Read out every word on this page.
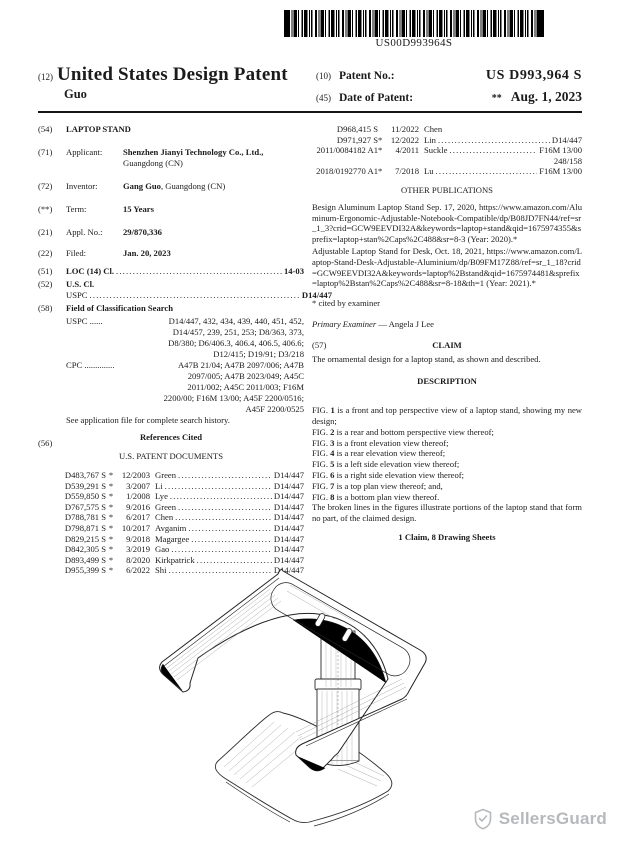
US00D993964S
(12) United States Design Patent
Guo
(10) Patent No.:	US D993,964 S
(45) Date of Patent:	** Aug. 1, 2023
(54)	LAPTOP STAND
(71)	Applicant:	Shenzhen Jianyi Technology Co., Ltd.,
Guangdong (CN)
(72)	Inventor:	Gang Guo, Guangdong (CN)
(**)	Term:	15 Years
(21)	Appl. No.:	29/870,336
(22)	Filed:	Jan. 20, 2023
(51)	LOC (14) Cl. .....	14-03
(52)	U.S. Cl.
USPC .....	D14/447
(58)	Field of Classification Search
USPC ......	D14/447, 432, 434, 439, 440, 451, 452,
D14/457, 239, 251, 253; D8/363, 373,
D8/380; D6/406.3, 406.4, 406.5, 406.6;
D12/415; D19/91; D3/218
CPC ..............	A47B 21/04; A47B 2097/006; A47B
2097/005; A47B 2023/049; A45C
2011/002; A45C 2011/003; F16M
2200/00; F16M 13/00; A45F 2200/0516;
A45F 2200/0525
See application file for complete search history.
(56)
References Cited
U.S. PATENT DOCUMENTS
D483,767 S *	12/2003 Green .....	D14/447
D539,291 S *	3/2007 Li .....	D14/447
D559,850 S *	1/2008 Lye .....	D14/447
D767,575 S *	9/2016 Green .....	D14/447
D788,781 S *	6/2017 Chen .....	D14/447
D798,871 S *	10/2017 Avganim .....	D14/447
D829,215 S *	9/2018 Magargee .....	D14/447
D842,305 S *	3/2019 Gao .....	D14/447
D893,499 S *	8/2020 Kirkpatrick .....	D14/447
D955,399 S *	6/2022 Shi .....	D14/447
D968,415 S	11/2022 Chen
D971,927 S * 12/2022 Lin .....	D14/447
2011/0084182 A1 *	4/2011 Suckle .....	F16M 13/00
248/158
2018/0192770 A1 *	7/2018 Lu .....	F16M 13/00
OTHER PUBLICATIONS
Besign Aluminum Laptop Stand Sep. 17, 2020, https://www.amazon.com/Aluminum-Ergonomic-Adjustable-Notebook-Compatible/dp/B08JD7FN44/ref=sr_1_3?crid=GCW9EEVDI32A&keywords=laptop+stand&qid=1675974355&sprefix=laptop+stan%2Caps%2C488&sr=8-3 (Year: 2020).*
Adjustable Laptop Stand for Desk, Oct. 18, 2021, https://www.amazon.com/Laptop-Stand-Desk-Adjustable-Aluminium/dp/B09FM17Z88/ref=sr_1_18?crid=GCW9EEVDI32A&keywords=laptop%2Bstand&qid=1675974481&sprefix=laptop%2Bstan%2Caps%2C488&sr=8-18&th=1 (Year: 2021).*
* cited by examiner
Primary Examiner — Angela J Lee
(57)	CLAIM
The ornamental design for a laptop stand, as shown and described.
DESCRIPTION

FIG. 1 is a front and top perspective view of a laptop stand, showing my new design;

FIG. 2 is a rear and bottom perspective view thereof;

FIG. 3 is a front elevation view thereof;

FIG. 4 is a rear elevation view thereof;

FIG. 5 is a left side elevation view thereof;

FIG. 6 is a right side elevation view thereof;

FIG. 7 is a top plan view thereof; and,

FIG. 8 is a bottom plan view thereof.

The broken lines in the figures illustrate portions of the laptop stand that form no part, of the claimed design.
1 Claim, 8 Drawing Sheets
SellersGuard
